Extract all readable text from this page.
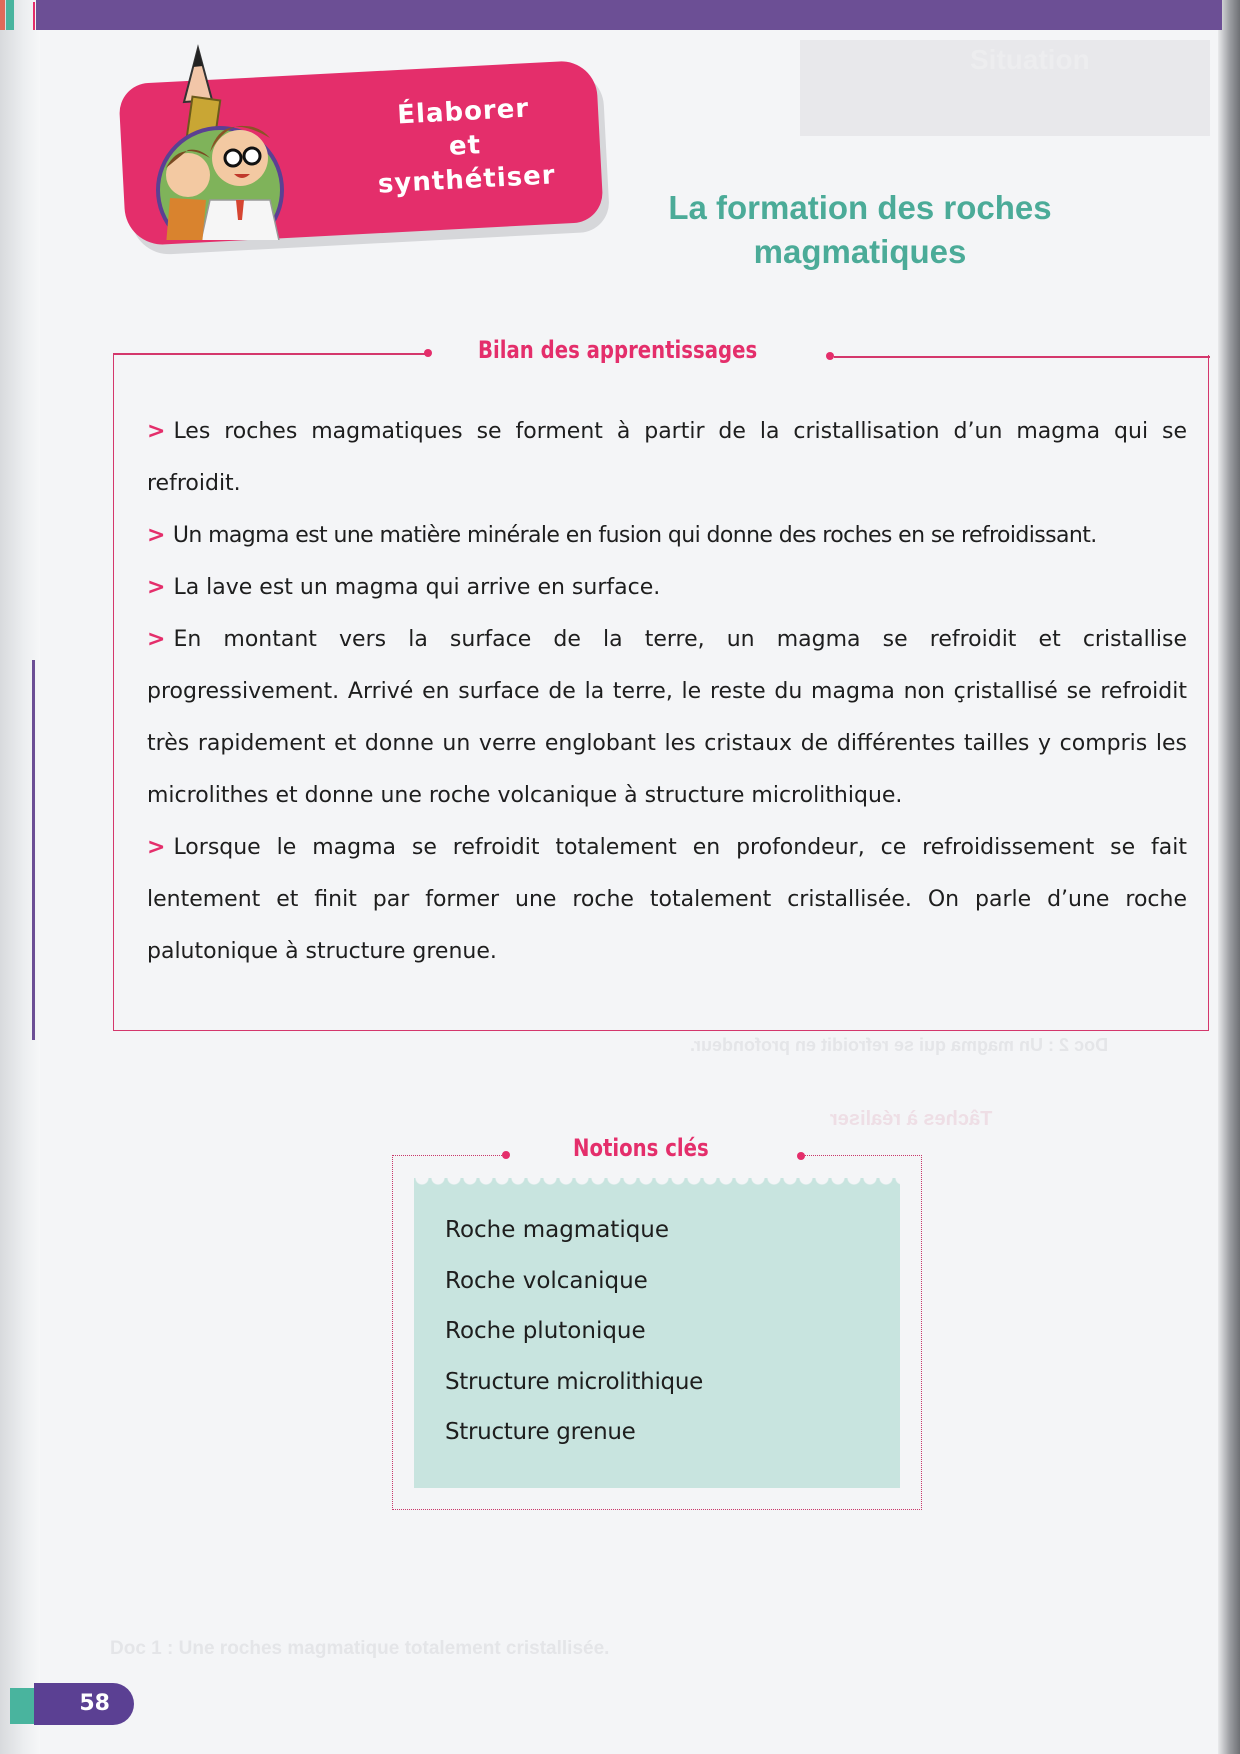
Situation
Doc 2 : Un magma qui se refroidit en profondeur.
Tâches à réaliser
Doc 1 : Une roches magmatique totalement cristallisée.
Élaborer
et
synthétiser
La formation des roches
magmatiques
Bilan des apprentissages

> Les roches magmatiques se forment à partir de la cristallisation d’un magma qui se refroidit.

> Un magma est une matière minérale en fusion qui donne des roches en se refroidissant.

> La lave est un magma qui arrive en surface.

> En montant vers la surface de la terre, un magma se refroidit et cristallise progressivement. Arrivé en surface de la terre, le reste du magma non çristallisé se refroidit très rapidement et donne un verre englobant les cristaux de différentes tailles y compris les microlithes et donne une roche volcanique à structure microlithique.

> Lorsque le magma se refroidit totalement en profondeur, ce refroidissement se fait lentement et finit par former une roche totalement cristallisée. On parle d’une roche palutonique à structure grenue.

Notions clés
Roche magmatique
Roche volcanique
Roche plutonique
Structure microlithique
Structure grenue
58
